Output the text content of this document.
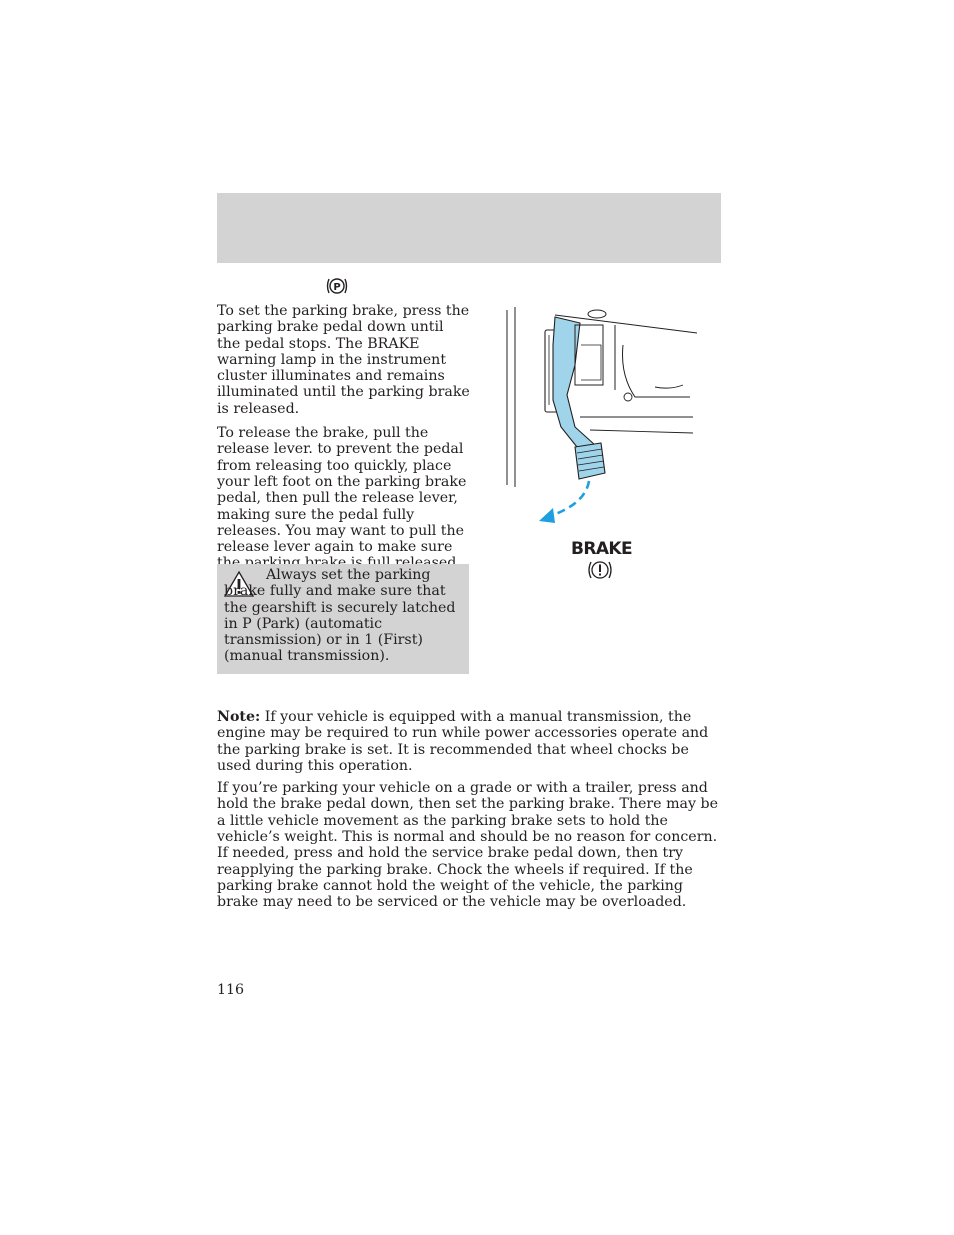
P

To set the parking brake, press the parking brake pedal down until the pedal stops. The BRAKE warning lamp in the instrument cluster illuminates and remains illuminated until the parking brake is released.

To release the brake, pull the release lever. to prevent the pedal from releasing too quickly, place your left foot on the parking brake pedal, then pull the release lever, making sure the pedal fully releases. You may want to pull the release lever again to make sure

Always set the parking brake fully and make sure that the gearshift is securely latched in P (Park) (automatic transmission) or in 1 (First) (manual transmission).
BRAKE

Note: If your vehicle is equipped with a manual transmission, the engine may be required to run while power accessories operate and the parking brake is set. It is recommended that wheel chocks be used during this operation.

If you’re parking your vehicle on a grade or with a trailer, press and hold the brake pedal down, then set the parking brake. There may be a little vehicle movement as the parking brake sets to hold the vehicle’s weight. This is normal and should be no reason for concern. If needed, press and hold the service brake pedal down, then try reapplying the parking brake. Chock the wheels if required. If the parking brake cannot hold the weight of the vehicle, the parking brake may need to be serviced or the vehicle may be overloaded.

116
